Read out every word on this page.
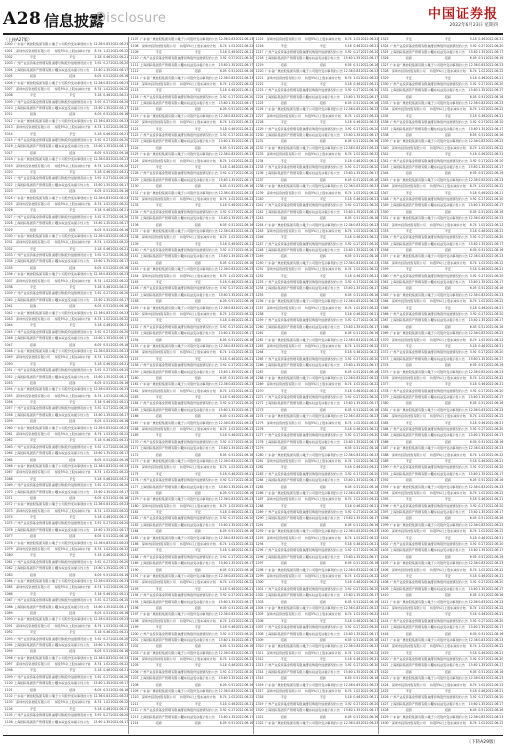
A28 信息披露
Disclosure	中国证券报
2022年6月23日 星期四
（上接A27版）
1000 广东省广晟控股集团有限公司
关于公司股份变动事项的公告 12.36 0.83 2022.06.23
1001	深圳市投资控股有限公司	持股5%以上股东减持计划	8.74 1.02 2022.06.22
1002	平安	平安	5.18 0.46 2022.06.21
1003 广州产业投资基金管理有限公司
关于回购股份进展情况的公告 3.92 0.27 2022.06.20
1004 上海国际集团资产管理有限公司
股东权益变动提示性公告	15.60 1.35 2022.06.17
1005	招商	招商	6.05 0.51 2022.06.16
1006 广东省广晟控股集团有限公司
关于公司股份变动事项的公告 12.36 0.83 2022.06.23
1007	深圳市投资控股有限公司	持股5%以上股东减持计划	8.74 1.02 2022.06.22
1008	平安	平安	5.18 0.46 2022.06.21
1009 广州产业投资基金管理有限公司
关于回购股份进展情况的公告 3.92 0.27 2022.06.20
1010 上海国际集团资产管理有限公司
股东权益变动提示性公告	15.60 1.35 2022.06.17
1011	招商	招商	6.05 0.51 2022.06.16
1012 广东省广晟控股集团有限公司
关于公司股份变动事项的公告 12.36 0.83 2022.06.23
1013	深圳市投资控股有限公司	持股5%以上股东减持计划	8.74 1.02 2022.06.22
1014	平安	平安	5.18 0.46 2022.06.21
1015 广州产业投资基金管理有限公司
关于回购股份进展情况的公告 3.92 0.27 2022.06.20
1016 上海国际集团资产管理有限公司
股东权益变动提示性公告	15.60 1.35 2022.06.17
1017	招商	招商	6.05 0.51 2022.06.16
1018 广东省广晟控股集团有限公司
关于公司股份变动事项的公告 12.36 0.83 2022.06.23
1019	深圳市投资控股有限公司	持股5%以上股东减持计划	8.74 1.02 2022.06.22
1020	平安	平安	5.18 0.46 2022.06.21
1021 广州产业投资基金管理有限公司
关于回购股份进展情况的公告 3.92 0.27 2022.06.20
1022 上海国际集团资产管理有限公司
股东权益变动提示性公告	15.60 1.35 2022.06.17
1023	招商	招商	6.05 0.51 2022.06.16
1024 广东省广晟控股集团有限公司
关于公司股份变动事项的公告 12.36 0.83 2022.06.23
1025	深圳市投资控股有限公司	持股5%以上股东减持计划	8.74 1.02 2022.06.22
1026	平安	平安	5.18 0.46 2022.06.21
1027 广州产业投资基金管理有限公司
关于回购股份进展情况的公告 3.92 0.27 2022.06.20
1028 上海国际集团资产管理有限公司
股东权益变动提示性公告	15.60 1.35 2022.06.17
1029	招商	招商	6.05 0.51 2022.06.16
1030 广东省广晟控股集团有限公司
关于公司股份变动事项的公告 12.36 0.83 2022.06.23
1031	深圳市投资控股有限公司	持股5%以上股东减持计划	8.74 1.02 2022.06.22
1032	平安	平安	5.18 0.46 2022.06.21
1033 广州产业投资基金管理有限公司
关于回购股份进展情况的公告 3.92 0.27 2022.06.20
1034 上海国际集团资产管理有限公司
股东权益变动提示性公告	15.60 1.35 2022.06.17
1035	招商	招商	6.05 0.51 2022.06.16
1036 广东省广晟控股集团有限公司
关于公司股份变动事项的公告 12.36 0.83 2022.06.23
1037	深圳市投资控股有限公司	持股5%以上股东减持计划	8.74 1.02 2022.06.22
1038	平安	平安	5.18 0.46 2022.06.21
1039 广州产业投资基金管理有限公司
关于回购股份进展情况的公告 3.92 0.27 2022.06.20
1040 上海国际集团资产管理有限公司
股东权益变动提示性公告	15.60 1.35 2022.06.17
1041	招商	招商	6.05 0.51 2022.06.16
1042 广东省广晟控股集团有限公司
关于公司股份变动事项的公告 12.36 0.83 2022.06.23
1043	深圳市投资控股有限公司	持股5%以上股东减持计划	8.74 1.02 2022.06.22
1044	平安	平安	5.18 0.46 2022.06.21
1045 广州产业投资基金管理有限公司
关于回购股份进展情况的公告 3.92 0.27 2022.06.20
1046 上海国际集团资产管理有限公司
股东权益变动提示性公告	15.60 1.35 2022.06.17
1047	招商	招商	6.05 0.51 2022.06.16
1048 广东省广晟控股集团有限公司
关于公司股份变动事项的公告 12.36 0.83 2022.06.23
1049	深圳市投资控股有限公司	持股5%以上股东减持计划	8.74 1.02 2022.06.22
1050	平安	平安	5.18 0.46 2022.06.21
1051 广州产业投资基金管理有限公司
关于回购股份进展情况的公告 3.92 0.27 2022.06.20
1052 上海国际集团资产管理有限公司
股东权益变动提示性公告	15.60 1.35 2022.06.17
1053	招商	招商	6.05 0.51 2022.06.16
1054 广东省广晟控股集团有限公司
关于公司股份变动事项的公告 12.36 0.83 2022.06.23
1055	深圳市投资控股有限公司	持股5%以上股东减持计划	8.74 1.02 2022.06.22
1056	平安	平安	5.18 0.46 2022.06.21
1057 广州产业投资基金管理有限公司
关于回购股份进展情况的公告 3.92 0.27 2022.06.20
1058 上海国际集团资产管理有限公司
股东权益变动提示性公告	15.60 1.35 2022.06.17
1059	招商	招商	6.05 0.51 2022.06.16
1060 广东省广晟控股集团有限公司
关于公司股份变动事项的公告 12.36 0.83 2022.06.23
1061	深圳市投资控股有限公司	持股5%以上股东减持计划	8.74 1.02 2022.06.22
1062	平安	平安	5.18 0.46 2022.06.21
1063 广州产业投资基金管理有限公司
关于回购股份进展情况的公告 3.92 0.27 2022.06.20
1064 上海国际集团资产管理有限公司
股东权益变动提示性公告	15.60 1.35 2022.06.17
1065	招商	招商	6.05 0.51 2022.06.16
1066 广东省广晟控股集团有限公司
关于公司股份变动事项的公告 12.36 0.83 2022.06.23
1067	深圳市投资控股有限公司	持股5%以上股东减持计划	8.74 1.02 2022.06.22
1068	平安	平安	5.18 0.46 2022.06.21
1069 广州产业投资基金管理有限公司
关于回购股份进展情况的公告 3.92 0.27 2022.06.20
1070 上海国际集团资产管理有限公司
股东权益变动提示性公告	15.60 1.35 2022.06.17
1071	招商	招商	6.05 0.51 2022.06.16
1072 广东省广晟控股集团有限公司
关于公司股份变动事项的公告 12.36 0.83 2022.06.23
1073	深圳市投资控股有限公司	持股5%以上股东减持计划	8.74 1.02 2022.06.22
1074	平安	平安	5.18 0.46 2022.06.21
1075 广州产业投资基金管理有限公司
关于回购股份进展情况的公告 3.92 0.27 2022.06.20
1076 上海国际集团资产管理有限公司
股东权益变动提示性公告	15.60 1.35 2022.06.17
1077	招商	招商	6.05 0.51 2022.06.16
1078 广东省广晟控股集团有限公司
关于公司股份变动事项的公告 12.36 0.83 2022.06.23
1079	深圳市投资控股有限公司	持股5%以上股东减持计划	8.74 1.02 2022.06.22
1080	平安	平安	5.18 0.46 2022.06.21
1081 广州产业投资基金管理有限公司
关于回购股份进展情况的公告 3.92 0.27 2022.06.20
1082 上海国际集团资产管理有限公司
股东权益变动提示性公告	15.60 1.35 2022.06.17
1083	招商	招商	6.05 0.51 2022.06.16
1084 广东省广晟控股集团有限公司
关于公司股份变动事项的公告 12.36 0.83 2022.06.23
1085	深圳市投资控股有限公司	持股5%以上股东减持计划	8.74 1.02 2022.06.22
1086	平安	平安	5.18 0.46 2022.06.21
1087 广州产业投资基金管理有限公司
关于回购股份进展情况的公告 3.92 0.27 2022.06.20
1088 上海国际集团资产管理有限公司
股东权益变动提示性公告	15.60 1.35 2022.06.17
1089	招商	招商	6.05 0.51 2022.06.16
1090 广东省广晟控股集团有限公司
关于公司股份变动事项的公告 12.36 0.83 2022.06.23
1091	深圳市投资控股有限公司	持股5%以上股东减持计划	8.74 1.02 2022.06.22
1092	平安	平安	5.18 0.46 2022.06.21
1093 广州产业投资基金管理有限公司
关于回购股份进展情况的公告 3.92 0.27 2022.06.20
1094 上海国际集团资产管理有限公司
股东权益变动提示性公告	15.60 1.35 2022.06.17
1095	招商	招商	6.05 0.51 2022.06.16
1096 广东省广晟控股集团有限公司
关于公司股份变动事项的公告 12.36 0.83 2022.06.23
1097	深圳市投资控股有限公司	持股5%以上股东减持计划	8.74 1.02 2022.06.22
1098	平安	平安	5.18 0.46 2022.06.21
1099 广州产业投资基金管理有限公司
关于回购股份进展情况的公告 3.92 0.27 2022.06.20
1100 上海国际集团资产管理有限公司
股东权益变动提示性公告	15.60 1.35 2022.06.17
1101	招商	招商	6.05 0.51 2022.06.16
1102 广东省广晟控股集团有限公司
关于公司股份变动事项的公告 12.36 0.83 2022.06.23
1103	深圳市投资控股有限公司	持股5%以上股东减持计划	8.74 1.02 2022.06.22
1104	平安	平安	5.18 0.46 2022.06.21
1105 广州产业投资基金管理有限公司
关于回购股份进展情况的公告 3.92 0.27 2022.06.20
1106 上海国际集团资产管理有限公司
股东权益变动提示性公告	15.60 1.35 2022.06.17
1107 广东省广晟控股集团有限公司
关于公司股份变动事项的公告 12.36 0.83 2022.06.23
1108	深圳市投资控股有限公司	持股5%以上股东减持计划	8.74 1.02 2022.06.22
1109	平安	平安	5.18 0.46 2022.06.21
1110 广州产业投资基金管理有限公司
关于回购股份进展情况的公告 3.92 0.27 2022.06.20
1111 上海国际集团资产管理有限公司
股东权益变动提示性公告	15.60 1.35 2022.06.17
1112	招商	招商	6.05 0.51 2022.06.16
1113 广东省广晟控股集团有限公司
关于公司股份变动事项的公告 12.36 0.83 2022.06.23
1114	深圳市投资控股有限公司	持股5%以上股东减持计划	8.74 1.02 2022.06.22
1115	平安	平安	5.18 0.46 2022.06.21
1116 广州产业投资基金管理有限公司
关于回购股份进展情况的公告 3.92 0.27 2022.06.20
1117 上海国际集团资产管理有限公司
股东权益变动提示性公告	15.60 1.35 2022.06.17
1118	招商	招商	6.05 0.51 2022.06.16
1119 广东省广晟控股集团有限公司
关于公司股份变动事项的公告 12.36 0.83 2022.06.23
1120	深圳市投资控股有限公司	持股5%以上股东减持计划	8.74 1.02 2022.06.22
1121	平安	平安	5.18 0.46 2022.06.21
1122 广州产业投资基金管理有限公司
关于回购股份进展情况的公告 3.92 0.27 2022.06.20
1123 上海国际集团资产管理有限公司
股东权益变动提示性公告	15.60 1.35 2022.06.17
1124	招商	招商	6.05 0.51 2022.06.16
1125 广东省广晟控股集团有限公司
关于公司股份变动事项的公告 12.36 0.83 2022.06.23
1126	深圳市投资控股有限公司	持股5%以上股东减持计划	8.74 1.02 2022.06.22
1127	平安	平安	5.18 0.46 2022.06.21
1128 广州产业投资基金管理有限公司
关于回购股份进展情况的公告 3.92 0.27 2022.06.20
1129 上海国际集团资产管理有限公司
股东权益变动提示性公告	15.60 1.35 2022.06.17
1130	招商	招商	6.05 0.51 2022.06.16
1131 广东省广晟控股集团有限公司
关于公司股份变动事项的公告 12.36 0.83 2022.06.23
1132	深圳市投资控股有限公司	持股5%以上股东减持计划	8.74 1.02 2022.06.22
1133	平安	平安	5.18 0.46 2022.06.21
1134 广州产业投资基金管理有限公司
关于回购股份进展情况的公告 3.92 0.27 2022.06.20
1135 上海国际集团资产管理有限公司
股东权益变动提示性公告	15.60 1.35 2022.06.17
1136	招商	招商	6.05 0.51 2022.06.16
1137 广东省广晟控股集团有限公司
关于公司股份变动事项的公告 12.36 0.83 2022.06.23
1138	深圳市投资控股有限公司	持股5%以上股东减持计划	8.74 1.02 2022.06.22
1139	平安	平安	5.18 0.46 2022.06.21
1140 广州产业投资基金管理有限公司
关于回购股份进展情况的公告 3.92 0.27 2022.06.20
1141 上海国际集团资产管理有限公司
股东权益变动提示性公告	15.60 1.35 2022.06.17
1142	招商	招商	6.05 0.51 2022.06.16
1143 广东省广晟控股集团有限公司
关于公司股份变动事项的公告 12.36 0.83 2022.06.23
1144	深圳市投资控股有限公司	持股5%以上股东减持计划	8.74 1.02 2022.06.22
1145	平安	平安	5.18 0.46 2022.06.21
1146 广州产业投资基金管理有限公司
关于回购股份进展情况的公告 3.92 0.27 2022.06.20
1147 上海国际集团资产管理有限公司
股东权益变动提示性公告	15.60 1.35 2022.06.17
1148	招商	招商	6.05 0.51 2022.06.16
1149 广东省广晟控股集团有限公司
关于公司股份变动事项的公告 12.36 0.83 2022.06.23
1150	深圳市投资控股有限公司	持股5%以上股东减持计划	8.74 1.02 2022.06.22
1151	平安	平安	5.18 0.46 2022.06.21
1152 广州产业投资基金管理有限公司
关于回购股份进展情况的公告 3.92 0.27 2022.06.20
1153 上海国际集团资产管理有限公司
股东权益变动提示性公告	15.60 1.35 2022.06.17
1154	招商	招商	6.05 0.51 2022.06.16
1155 广东省广晟控股集团有限公司
关于公司股份变动事项的公告 12.36 0.83 2022.06.23
1156	深圳市投资控股有限公司	持股5%以上股东减持计划	8.74 1.02 2022.06.22
1157	平安	平安	5.18 0.46 2022.06.21
1158 广州产业投资基金管理有限公司
关于回购股份进展情况的公告 3.92 0.27 2022.06.20
1159 上海国际集团资产管理有限公司
股东权益变动提示性公告	15.60 1.35 2022.06.17
1160	招商	招商	6.05 0.51 2022.06.16
1161 广东省广晟控股集团有限公司
关于公司股份变动事项的公告 12.36 0.83 2022.06.23
1162	深圳市投资控股有限公司	持股5%以上股东减持计划	8.74 1.02 2022.06.22
1163	平安	平安	5.18 0.46 2022.06.21
1164 广州产业投资基金管理有限公司
关于回购股份进展情况的公告 3.92 0.27 2022.06.20
1165 上海国际集团资产管理有限公司
股东权益变动提示性公告	15.60 1.35 2022.06.17
1166	招商	招商	6.05 0.51 2022.06.16
1167 广东省广晟控股集团有限公司
关于公司股份变动事项的公告 12.36 0.83 2022.06.23
1168	深圳市投资控股有限公司	持股5%以上股东减持计划	8.74 1.02 2022.06.22
1169	平安	平安	5.18 0.46 2022.06.21
1170 广州产业投资基金管理有限公司
关于回购股份进展情况的公告 3.92 0.27 2022.06.20
1171 上海国际集团资产管理有限公司
股东权益变动提示性公告	15.60 1.35 2022.06.17
1172	招商	招商	6.05 0.51 2022.06.16
1173 广东省广晟控股集团有限公司
关于公司股份变动事项的公告 12.36 0.83 2022.06.23
1174	深圳市投资控股有限公司	持股5%以上股东减持计划	8.74 1.02 2022.06.22
1175	平安	平安	5.18 0.46 2022.06.21
1176 广州产业投资基金管理有限公司
关于回购股份进展情况的公告 3.92 0.27 2022.06.20
1177 上海国际集团资产管理有限公司
股东权益变动提示性公告	15.60 1.35 2022.06.17
1178	招商	招商	6.05 0.51 2022.06.16
1179 广东省广晟控股集团有限公司
关于公司股份变动事项的公告 12.36 0.83 2022.06.23
1180	深圳市投资控股有限公司	持股5%以上股东减持计划	8.74 1.02 2022.06.22
1181	平安	平安	5.18 0.46 2022.06.21
1182 广州产业投资基金管理有限公司
关于回购股份进展情况的公告 3.92 0.27 2022.06.20
1183 上海国际集团资产管理有限公司
股东权益变动提示性公告	15.60 1.35 2022.06.17
1184	招商	招商	6.05 0.51 2022.06.16
1185 广东省广晟控股集团有限公司
关于公司股份变动事项的公告 12.36 0.83 2022.06.23
1186	深圳市投资控股有限公司	持股5%以上股东减持计划	8.74 1.02 2022.06.22
1187	平安	平安	5.18 0.46 2022.06.21
1188 广州产业投资基金管理有限公司
关于回购股份进展情况的公告 3.92 0.27 2022.06.20
1189 上海国际集团资产管理有限公司
股东权益变动提示性公告	15.60 1.35 2022.06.17
1190	招商	招商	6.05 0.51 2022.06.16
1191 广东省广晟控股集团有限公司
关于公司股份变动事项的公告 12.36 0.83 2022.06.23
1192	深圳市投资控股有限公司	持股5%以上股东减持计划	8.74 1.02 2022.06.22
1193	平安	平安	5.18 0.46 2022.06.21
1194 广州产业投资基金管理有限公司
关于回购股份进展情况的公告 3.92 0.27 2022.06.20
1195 上海国际集团资产管理有限公司
股东权益变动提示性公告	15.60 1.35 2022.06.17
1196	招商	招商	6.05 0.51 2022.06.16
1197 广东省广晟控股集团有限公司
关于公司股份变动事项的公告 12.36 0.83 2022.06.23
1198	深圳市投资控股有限公司	持股5%以上股东减持计划	8.74 1.02 2022.06.22
1199	平安	平安	5.18 0.46 2022.06.21
1200 广州产业投资基金管理有限公司
关于回购股份进展情况的公告 3.92 0.27 2022.06.20
1201 上海国际集团资产管理有限公司
股东权益变动提示性公告	15.60 1.35 2022.06.17
1202	招商	招商	6.05 0.51 2022.06.16
1203 广东省广晟控股集团有限公司
关于公司股份变动事项的公告 12.36 0.83 2022.06.23
1204	深圳市投资控股有限公司	持股5%以上股东减持计划	8.74 1.02 2022.06.22
1205	平安	平安	5.18 0.46 2022.06.21
1206 广州产业投资基金管理有限公司
关于回购股份进展情况的公告 3.92 0.27 2022.06.20
1207 上海国际集团资产管理有限公司
股东权益变动提示性公告	15.60 1.35 2022.06.17
1208	招商	招商	6.05 0.51 2022.06.16
1209 广东省广晟控股集团有限公司
关于公司股份变动事项的公告 12.36 0.83 2022.06.23
1210	深圳市投资控股有限公司	持股5%以上股东减持计划	8.74 1.02 2022.06.22
1211	平安	平安	5.18 0.46 2022.06.21
1212 广州产业投资基金管理有限公司
关于回购股份进展情况的公告 3.92 0.27 2022.06.20
1213 上海国际集团资产管理有限公司
股东权益变动提示性公告	15.60 1.35 2022.06.17
1214	招商	招商	6.05 0.51 2022.06.16
1215	深圳市投资控股有限公司	持股5%以上股东减持计划	8.74 1.02 2022.06.22
1216	平安	平安	5.18 0.46 2022.06.21
1217 广州产业投资基金管理有限公司
关于回购股份进展情况的公告 3.92 0.27 2022.06.20
1218 上海国际集团资产管理有限公司
股东权益变动提示性公告	15.60 1.35 2022.06.17
1219	招商	招商	6.05 0.51 2022.06.16
1220 广东省广晟控股集团有限公司
关于公司股份变动事项的公告 12.36 0.83 2022.06.23
1221	深圳市投资控股有限公司	持股5%以上股东减持计划	8.74 1.02 2022.06.22
1222	平安	平安	5.18 0.46 2022.06.21
1223 广州产业投资基金管理有限公司
关于回购股份进展情况的公告 3.92 0.27 2022.06.20
1224 上海国际集团资产管理有限公司
股东权益变动提示性公告	15.60 1.35 2022.06.17
1225	招商	招商	6.05 0.51 2022.06.16
1226 广东省广晟控股集团有限公司
关于公司股份变动事项的公告 12.36 0.83 2022.06.23
1227	深圳市投资控股有限公司	持股5%以上股东减持计划	8.74 1.02 2022.06.22
1228	平安	平安	5.18 0.46 2022.06.21
1229 广州产业投资基金管理有限公司
关于回购股份进展情况的公告 3.92 0.27 2022.06.20
1230 上海国际集团资产管理有限公司
股东权益变动提示性公告	15.60 1.35 2022.06.17
1231	招商	招商	6.05 0.51 2022.06.16
1232 广东省广晟控股集团有限公司
关于公司股份变动事项的公告 12.36 0.83 2022.06.23
1233	深圳市投资控股有限公司	持股5%以上股东减持计划	8.74 1.02 2022.06.22
1234	平安	平安	5.18 0.46 2022.06.21
1235 广州产业投资基金管理有限公司
关于回购股份进展情况的公告 3.92 0.27 2022.06.20
1236 上海国际集团资产管理有限公司
股东权益变动提示性公告	15.60 1.35 2022.06.17
1237	招商	招商	6.05 0.51 2022.06.16
1238 广东省广晟控股集团有限公司
关于公司股份变动事项的公告 12.36 0.83 2022.06.23
1239	深圳市投资控股有限公司	持股5%以上股东减持计划	8.74 1.02 2022.06.22
1240	平安	平安	5.18 0.46 2022.06.21
1241 广州产业投资基金管理有限公司
关于回购股份进展情况的公告 3.92 0.27 2022.06.20
1242 上海国际集团资产管理有限公司
股东权益变动提示性公告	15.60 1.35 2022.06.17
1243	招商	招商	6.05 0.51 2022.06.16
1244 广东省广晟控股集团有限公司
关于公司股份变动事项的公告 12.36 0.83 2022.06.23
1245	深圳市投资控股有限公司	持股5%以上股东减持计划	8.74 1.02 2022.06.22
1246	平安	平安	5.18 0.46 2022.06.21
1247 广州产业投资基金管理有限公司
关于回购股份进展情况的公告 3.92 0.27 2022.06.20
1248 上海国际集团资产管理有限公司
股东权益变动提示性公告	15.60 1.35 2022.06.17
1249	招商	招商	6.05 0.51 2022.06.16
1250 广东省广晟控股集团有限公司
关于公司股份变动事项的公告 12.36 0.83 2022.06.23
1251	深圳市投资控股有限公司	持股5%以上股东减持计划	8.74 1.02 2022.06.22
1252	平安	平安	5.18 0.46 2022.06.21
1253 广州产业投资基金管理有限公司
关于回购股份进展情况的公告 3.92 0.27 2022.06.20
1254 上海国际集团资产管理有限公司
股东权益变动提示性公告	15.60 1.35 2022.06.17
1255	招商	招商	6.05 0.51 2022.06.16
1256 广东省广晟控股集团有限公司
关于公司股份变动事项的公告 12.36 0.83 2022.06.23
1257	深圳市投资控股有限公司	持股5%以上股东减持计划	8.74 1.02 2022.06.22
1258	平安	平安	5.18 0.46 2022.06.21
1259 广州产业投资基金管理有限公司
关于回购股份进展情况的公告 3.92 0.27 2022.06.20
1260 上海国际集团资产管理有限公司
股东权益变动提示性公告	15.60 1.35 2022.06.17
1261	招商	招商	6.05 0.51 2022.06.16
1262 广东省广晟控股集团有限公司
关于公司股份变动事项的公告 12.36 0.83 2022.06.23
1263	深圳市投资控股有限公司	持股5%以上股东减持计划	8.74 1.02 2022.06.22
1264	平安	平安	5.18 0.46 2022.06.21
1265 广州产业投资基金管理有限公司
关于回购股份进展情况的公告 3.92 0.27 2022.06.20
1266 上海国际集团资产管理有限公司
股东权益变动提示性公告	15.60 1.35 2022.06.17
1267	招商	招商	6.05 0.51 2022.06.16
1268 广东省广晟控股集团有限公司
关于公司股份变动事项的公告 12.36 0.83 2022.06.23
1269	深圳市投资控股有限公司	持股5%以上股东减持计划	8.74 1.02 2022.06.22
1270	平安	平安	5.18 0.46 2022.06.21
1271 广州产业投资基金管理有限公司
关于回购股份进展情况的公告 3.92 0.27 2022.06.20
1272 上海国际集团资产管理有限公司
股东权益变动提示性公告	15.60 1.35 2022.06.17
1273	招商	招商	6.05 0.51 2022.06.16
1274 广东省广晟控股集团有限公司
关于公司股份变动事项的公告 12.36 0.83 2022.06.23
1275	深圳市投资控股有限公司	持股5%以上股东减持计划	8.74 1.02 2022.06.22
1276	平安	平安	5.18 0.46 2022.06.21
1277 广州产业投资基金管理有限公司
关于回购股份进展情况的公告 3.92 0.27 2022.06.20
1278 上海国际集团资产管理有限公司
股东权益变动提示性公告	15.60 1.35 2022.06.17
1279	招商	招商	6.05 0.51 2022.06.16
1280 广东省广晟控股集团有限公司
关于公司股份变动事项的公告 12.36 0.83 2022.06.23
1281	深圳市投资控股有限公司	持股5%以上股东减持计划	8.74 1.02 2022.06.22
1282	平安	平安	5.18 0.46 2022.06.21
1283 广州产业投资基金管理有限公司
关于回购股份进展情况的公告 3.92 0.27 2022.06.20
1284 上海国际集团资产管理有限公司
股东权益变动提示性公告	15.60 1.35 2022.06.17
1285	招商	招商	6.05 0.51 2022.06.16
1286 广东省广晟控股集团有限公司
关于公司股份变动事项的公告 12.36 0.83 2022.06.23
1287	深圳市投资控股有限公司	持股5%以上股东减持计划	8.74 1.02 2022.06.22
1288	平安	平安	5.18 0.46 2022.06.21
1289 广州产业投资基金管理有限公司
关于回购股份进展情况的公告 3.92 0.27 2022.06.20
1290 上海国际集团资产管理有限公司
股东权益变动提示性公告	15.60 1.35 2022.06.17
1291	招商	招商	6.05 0.51 2022.06.16
1292 广东省广晟控股集团有限公司
关于公司股份变动事项的公告 12.36 0.83 2022.06.23
1293	深圳市投资控股有限公司	持股5%以上股东减持计划	8.74 1.02 2022.06.22
1294	平安	平安	5.18 0.46 2022.06.21
1295 广州产业投资基金管理有限公司
关于回购股份进展情况的公告 3.92 0.27 2022.06.20
1296 上海国际集团资产管理有限公司
股东权益变动提示性公告	15.60 1.35 2022.06.17
1297	招商	招商	6.05 0.51 2022.06.16
1298 广东省广晟控股集团有限公司
关于公司股份变动事项的公告 12.36 0.83 2022.06.23
1299	深圳市投资控股有限公司	持股5%以上股东减持计划	8.74 1.02 2022.06.22
1300	平安	平安	5.18 0.46 2022.06.21
1301 广州产业投资基金管理有限公司
关于回购股份进展情况的公告 3.92 0.27 2022.06.20
1302 上海国际集团资产管理有限公司
股东权益变动提示性公告	15.60 1.35 2022.06.17
1303	招商	招商	6.05 0.51 2022.06.16
1304 广东省广晟控股集团有限公司
关于公司股份变动事项的公告 12.36 0.83 2022.06.23
1305	深圳市投资控股有限公司	持股5%以上股东减持计划	8.74 1.02 2022.06.22
1306	平安	平安	5.18 0.46 2022.06.21
1307 广州产业投资基金管理有限公司
关于回购股份进展情况的公告 3.92 0.27 2022.06.20
1308 上海国际集团资产管理有限公司
股东权益变动提示性公告	15.60 1.35 2022.06.17
1309	招商	招商	6.05 0.51 2022.06.16
1310 广东省广晟控股集团有限公司
关于公司股份变动事项的公告 12.36 0.83 2022.06.23
1311	深圳市投资控股有限公司	持股5%以上股东减持计划	8.74 1.02 2022.06.22
1312	平安	平安	5.18 0.46 2022.06.21
1313 广州产业投资基金管理有限公司
关于回购股份进展情况的公告 3.92 0.27 2022.06.20
1314 上海国际集团资产管理有限公司
股东权益变动提示性公告	15.60 1.35 2022.06.17
1315	招商	招商	6.05 0.51 2022.06.16
1316 广东省广晟控股集团有限公司
关于公司股份变动事项的公告 12.36 0.83 2022.06.23
1317	深圳市投资控股有限公司	持股5%以上股东减持计划	8.74 1.02 2022.06.22
1318	平安	平安	5.18 0.46 2022.06.21
1319 广州产业投资基金管理有限公司
关于回购股份进展情况的公告 3.92 0.27 2022.06.20
1320 上海国际集团资产管理有限公司
股东权益变动提示性公告	15.60 1.35 2022.06.17
1321	招商	招商	6.05 0.51 2022.06.16
1322 广东省广晟控股集团有限公司
关于公司股份变动事项的公告 12.36 0.83 2022.06.23
1323	平安	平安	5.18 0.46 2022.06.21
1324 广州产业投资基金管理有限公司
关于回购股份进展情况的公告 3.92 0.27 2022.06.20
1325 上海国际集团资产管理有限公司
股东权益变动提示性公告	15.60 1.35 2022.06.17
1326	招商	招商	6.05 0.51 2022.06.16
1327 广东省广晟控股集团有限公司
关于公司股份变动事项的公告 12.36 0.83 2022.06.23
1328	深圳市投资控股有限公司	持股5%以上股东减持计划	8.74 1.02 2022.06.22
1329	平安	平安	5.18 0.46 2022.06.21
1330 广州产业投资基金管理有限公司
关于回购股份进展情况的公告 3.92 0.27 2022.06.20
1331 上海国际集团资产管理有限公司
股东权益变动提示性公告	15.60 1.35 2022.06.17
1332	招商	招商	6.05 0.51 2022.06.16
1333 广东省广晟控股集团有限公司
关于公司股份变动事项的公告 12.36 0.83 2022.06.23
1334	深圳市投资控股有限公司	持股5%以上股东减持计划	8.74 1.02 2022.06.22
1335	平安	平安	5.18 0.46 2022.06.21
1336 广州产业投资基金管理有限公司
关于回购股份进展情况的公告 3.92 0.27 2022.06.20
1337 上海国际集团资产管理有限公司
股东权益变动提示性公告	15.60 1.35 2022.06.17
1338	招商	招商	6.05 0.51 2022.06.16
1339 广东省广晟控股集团有限公司
关于公司股份变动事项的公告 12.36 0.83 2022.06.23
1340	深圳市投资控股有限公司	持股5%以上股东减持计划	8.74 1.02 2022.06.22
1341	平安	平安	5.18 0.46 2022.06.21
1342 广州产业投资基金管理有限公司
关于回购股份进展情况的公告 3.92 0.27 2022.06.20
1343 上海国际集团资产管理有限公司
股东权益变动提示性公告	15.60 1.35 2022.06.17
1344	招商	招商	6.05 0.51 2022.06.16
1345 广东省广晟控股集团有限公司
关于公司股份变动事项的公告 12.36 0.83 2022.06.23
1346	深圳市投资控股有限公司	持股5%以上股东减持计划	8.74 1.02 2022.06.22
1347	平安	平安	5.18 0.46 2022.06.21
1348 广州产业投资基金管理有限公司
关于回购股份进展情况的公告 3.92 0.27 2022.06.20
1349 上海国际集团资产管理有限公司
股东权益变动提示性公告	15.60 1.35 2022.06.17
1350	招商	招商	6.05 0.51 2022.06.16
1351 广东省广晟控股集团有限公司
关于公司股份变动事项的公告 12.36 0.83 2022.06.23
1352	深圳市投资控股有限公司	持股5%以上股东减持计划	8.74 1.02 2022.06.22
1353	平安	平安	5.18 0.46 2022.06.21
1354 广州产业投资基金管理有限公司
关于回购股份进展情况的公告 3.92 0.27 2022.06.20
1355 上海国际集团资产管理有限公司
股东权益变动提示性公告	15.60 1.35 2022.06.17
1356	招商	招商	6.05 0.51 2022.06.16
1357 广东省广晟控股集团有限公司
关于公司股份变动事项的公告 12.36 0.83 2022.06.23
1358	深圳市投资控股有限公司	持股5%以上股东减持计划	8.74 1.02 2022.06.22
1359	平安	平安	5.18 0.46 2022.06.21
1360 广州产业投资基金管理有限公司
关于回购股份进展情况的公告 3.92 0.27 2022.06.20
1361 上海国际集团资产管理有限公司
股东权益变动提示性公告	15.60 1.35 2022.06.17
1362	招商	招商	6.05 0.51 2022.06.16
1363 广东省广晟控股集团有限公司
关于公司股份变动事项的公告 12.36 0.83 2022.06.23
1364	深圳市投资控股有限公司	持股5%以上股东减持计划	8.74 1.02 2022.06.22
1365	平安	平安	5.18 0.46 2022.06.21
1366 广州产业投资基金管理有限公司
关于回购股份进展情况的公告 3.92 0.27 2022.06.20
1367 上海国际集团资产管理有限公司
股东权益变动提示性公告	15.60 1.35 2022.06.17
1368	招商	招商	6.05 0.51 2022.06.16
1369 广东省广晟控股集团有限公司
关于公司股份变动事项的公告 12.36 0.83 2022.06.23
1370	深圳市投资控股有限公司	持股5%以上股东减持计划	8.74 1.02 2022.06.22
1371	平安	平安	5.18 0.46 2022.06.21
1372 广州产业投资基金管理有限公司
关于回购股份进展情况的公告 3.92 0.27 2022.06.20
1373 上海国际集团资产管理有限公司
股东权益变动提示性公告	15.60 1.35 2022.06.17
1374	招商	招商	6.05 0.51 2022.06.16
1375 广东省广晟控股集团有限公司
关于公司股份变动事项的公告 12.36 0.83 2022.06.23
1376	深圳市投资控股有限公司	持股5%以上股东减持计划	8.74 1.02 2022.06.22
1377	平安	平安	5.18 0.46 2022.06.21
1378 广州产业投资基金管理有限公司
关于回购股份进展情况的公告 3.92 0.27 2022.06.20
1379 上海国际集团资产管理有限公司
股东权益变动提示性公告	15.60 1.35 2022.06.17
1380	招商	招商	6.05 0.51 2022.06.16
1381 广东省广晟控股集团有限公司
关于公司股份变动事项的公告 12.36 0.83 2022.06.23
1382	深圳市投资控股有限公司	持股5%以上股东减持计划	8.74 1.02 2022.06.22
1383	平安	平安	5.18 0.46 2022.06.21
1384 广州产业投资基金管理有限公司
关于回购股份进展情况的公告 3.92 0.27 2022.06.20
1385 上海国际集团资产管理有限公司
股东权益变动提示性公告	15.60 1.35 2022.06.17
1386	招商	招商	6.05 0.51 2022.06.16
1387 广东省广晟控股集团有限公司
关于公司股份变动事项的公告 12.36 0.83 2022.06.23
1388	深圳市投资控股有限公司	持股5%以上股东减持计划	8.74 1.02 2022.06.22
1389	平安	平安	5.18 0.46 2022.06.21
1390 广州产业投资基金管理有限公司
关于回购股份进展情况的公告 3.92 0.27 2022.06.20
1391 上海国际集团资产管理有限公司
股东权益变动提示性公告	15.60 1.35 2022.06.17
1392	招商	招商	6.05 0.51 2022.06.16
1393 广东省广晟控股集团有限公司
关于公司股份变动事项的公告 12.36 0.83 2022.06.23
1394	深圳市投资控股有限公司	持股5%以上股东减持计划	8.74 1.02 2022.06.22
1395	平安	平安	5.18 0.46 2022.06.21
1396 广州产业投资基金管理有限公司
关于回购股份进展情况的公告 3.92 0.27 2022.06.20
1397 上海国际集团资产管理有限公司
股东权益变动提示性公告	15.60 1.35 2022.06.17
1398	招商	招商	6.05 0.51 2022.06.16
1399 广东省广晟控股集团有限公司
关于公司股份变动事项的公告 12.36 0.83 2022.06.23
1400	深圳市投资控股有限公司	持股5%以上股东减持计划	8.74 1.02 2022.06.22
1401	平安	平安	5.18 0.46 2022.06.21
1402 广州产业投资基金管理有限公司
关于回购股份进展情况的公告 3.92 0.27 2022.06.20
1403 上海国际集团资产管理有限公司
股东权益变动提示性公告	15.60 1.35 2022.06.17
1404	招商	招商	6.05 0.51 2022.06.16
1405 广东省广晟控股集团有限公司
关于公司股份变动事项的公告 12.36 0.83 2022.06.23
1406	深圳市投资控股有限公司	持股5%以上股东减持计划	8.74 1.02 2022.06.22
1407	平安	平安	5.18 0.46 2022.06.21
1408 广州产业投资基金管理有限公司
关于回购股份进展情况的公告 3.92 0.27 2022.06.20
1409 上海国际集团资产管理有限公司
股东权益变动提示性公告	15.60 1.35 2022.06.17
1410	招商	招商	6.05 0.51 2022.06.16
1411 广东省广晟控股集团有限公司
关于公司股份变动事项的公告 12.36 0.83 2022.06.23
1412	深圳市投资控股有限公司	持股5%以上股东减持计划	8.74 1.02 2022.06.22
1413	平安	平安	5.18 0.46 2022.06.21
1414 广州产业投资基金管理有限公司
关于回购股份进展情况的公告 3.92 0.27 2022.06.20
1415 上海国际集团资产管理有限公司
股东权益变动提示性公告	15.60 1.35 2022.06.17
1416	招商	招商	6.05 0.51 2022.06.16
1417 广东省广晟控股集团有限公司
关于公司股份变动事项的公告 12.36 0.83 2022.06.23
1418	深圳市投资控股有限公司	持股5%以上股东减持计划	8.74 1.02 2022.06.22
1419	平安	平安	5.18 0.46 2022.06.21
1420 广州产业投资基金管理有限公司
关于回购股份进展情况的公告 3.92 0.27 2022.06.20
1421 上海国际集团资产管理有限公司
股东权益变动提示性公告	15.60 1.35 2022.06.17
1422	招商	招商	6.05 0.51 2022.06.16
1423 广东省广晟控股集团有限公司
关于公司股份变动事项的公告 12.36 0.83 2022.06.23
1424	深圳市投资控股有限公司	持股5%以上股东减持计划	8.74 1.02 2022.06.22
1425	平安	平安	5.18 0.46 2022.06.21
1426 广州产业投资基金管理有限公司
关于回购股份进展情况的公告 3.92 0.27 2022.06.20
1427 上海国际集团资产管理有限公司
股东权益变动提示性公告	15.60 1.35 2022.06.17
1428	招商	招商	6.05 0.51 2022.06.16
1429 广东省广晟控股集团有限公司
关于公司股份变动事项的公告 12.36 0.83 2022.06.23
1430	深圳市投资控股有限公司	持股5%以上股东减持计划	8.74 1.02 2022.06.22
（下转A29版）
